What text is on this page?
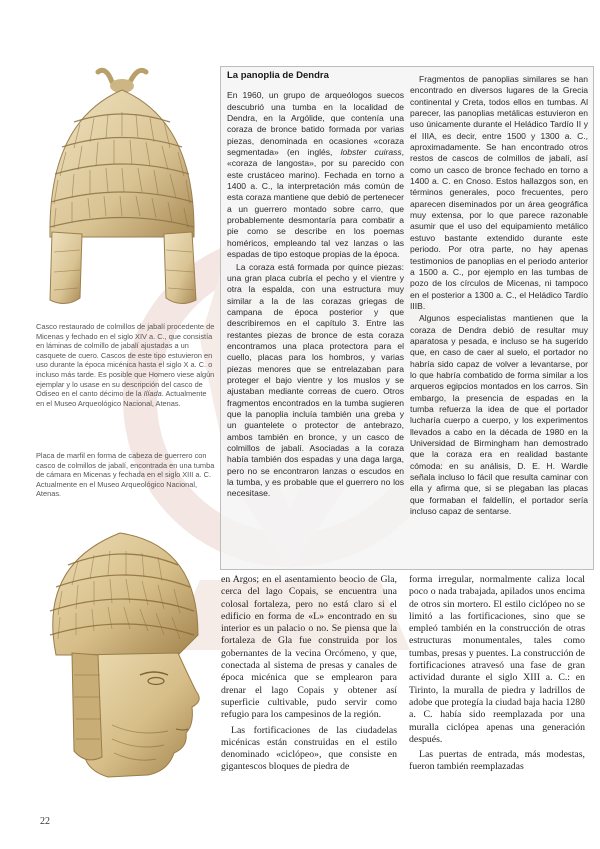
Casco restaurado de colmillos de jabalí procedente de Micenas y fechado en el siglo XIV a. C., que consistía en láminas de colmillo de jabalí ajustadas a un casquete de cuero. Cascos de este tipo estuvieron en uso durante la época micénica hasta el siglo X a. C. o incluso más tarde. Es posible que Homero viese algún ejemplar y lo usase en su descripción del casco de Odiseo en el canto décimo de la Ilíada. Actualmente en el Museo Arqueológico Nacional, Atenas.
Placa de marfil en forma de cabeza de guerrero con casco de colmillos de jabalí, encontrada en una tumba de cámara en Micenas y fechada en el siglo XIII a. C. Actualmente en el Museo Arqueológico Nacional, Atenas.
La panoplia de Dendra

En 1960, un grupo de arqueólogos suecos descubrió una tumba en la localidad de Dendra, en la Argólide, que contenía una coraza de bronce batido formada por varias piezas, denominada en ocasiones «coraza segmentada» (en inglés, lobster cuirass, «coraza de langosta», por su parecido con este crustáceo marino). Fechada en torno a 1400 a. C., la interpretación más común de esta coraza mantiene que debió de pertenecer a un guerrero montado sobre carro, que probablemente desmontaría para combatir a pie como se describe en los poemas homéricos, empleando tal vez lanzas o las espadas de tipo estoque propias de la época.

La coraza está formada por quince piezas: una gran placa cubría el pecho y el vientre y otra la espalda, con una estructura muy similar a la de las corazas griegas de campana de época posterior y que describiremos en el capítulo 3. Entre las restantes piezas de bronce de esta coraza encontramos una placa protectora para el cuello, placas para los hombros, y varias piezas menores que se entrelazaban para proteger el bajo vientre y los muslos y se ajustaban mediante correas de cuero. Otros fragmentos encontrados en la tumba sugieren que la panoplia incluía también una greba y un guantelete o protector de antebrazo, ambos también en bronce, y un casco de colmillos de jabalí. Asociadas a la coraza había también dos espadas y una daga larga, pero no se encontraron lanzas o escudos en la tumba, y es probable que el guerrero no los necesitase.

Fragmentos de panoplias similares se han encontrado en diversos lugares de la Grecia continental y Creta, todos ellos en tumbas. Al parecer, las panoplias metálicas estuvieron en uso únicamente durante el Heládico Tardío II y el IIIA, es decir, entre 1500 y 1300 a. C., aproximadamente. Se han encontrado otros restos de cascos de colmillos de jabalí, así como un casco de bronce fechado en torno a 1400 a. C. en Cnoso. Estos hallazgos son, en términos generales, poco frecuentes, pero aparecen diseminados por un área geográfica muy extensa, por lo que parece razonable asumir que el uso del equipamiento metálico estuvo bastante extendido durante este periodo. Por otra parte, no hay apenas testimonios de panoplias en el periodo anterior a 1500 a. C., por ejemplo en las tumbas de pozo de los círculos de Micenas, ni tampoco en el posterior a 1300 a. C., el Heládico Tardío IIIB.

Algunos especialistas mantienen que la coraza de Dendra debió de resultar muy aparatosa y pesada, e incluso se ha sugerido que, en caso de caer al suelo, el portador no habría sido capaz de volver a levantarse, por lo que habría combatido de forma similar a los arqueros egipcios montados en los carros. Sin embargo, la presencia de espadas en la tumba refuerza la idea de que el portador lucharía cuerpo a cuerpo, y los experimentos llevados a cabo en la década de 1980 en la Universidad de Birmingham han demostrado que la coraza era en realidad bastante cómoda: en su análisis, D. E. H. Wardle señala incluso lo fácil que resulta caminar con ella y afirma que, si se plegaban las placas que formaban el faldellín, el portador sería incluso capaz de sentarse.

en Argos; en el asentamiento beocio de Gla, cerca del lago Copais, se encuentra una colosal fortaleza, pero no está claro si el edificio en forma de «L» encontrado en su interior es un palacio o no. Se piensa que la fortaleza de Gla fue construida por los gobernantes de la vecina Orcómeno, y que, conectada al sistema de presas y canales de época micénica que se emplearon para drenar el lago Copais y obtener así superficie cultivable, pudo servir como refugio para los campesinos de la región.

Las fortificaciones de las ciudadelas micénicas están construidas en el estilo denominado «ciclópeo», que consiste en gigantescos bloques de piedra de

forma irregular, normalmente caliza local poco o nada trabajada, apilados unos encima de otros sin mortero. El estilo ciclópeo no se limitó a las fortificaciones, sino que se empleó también en la construcción de otras estructuras monumentales, tales como tumbas, presas y puentes. La construcción de fortificaciones atravesó una fase de gran actividad durante el siglo XIII a. C.: en Tirinto, la muralla de piedra y ladrillos de adobe que protegía la ciudad baja hacia 1280 a. C. había sido reemplazada por una muralla ciclópea apenas una generación después.

Las puertas de entrada, más modestas, fueron también reemplazadas

22
